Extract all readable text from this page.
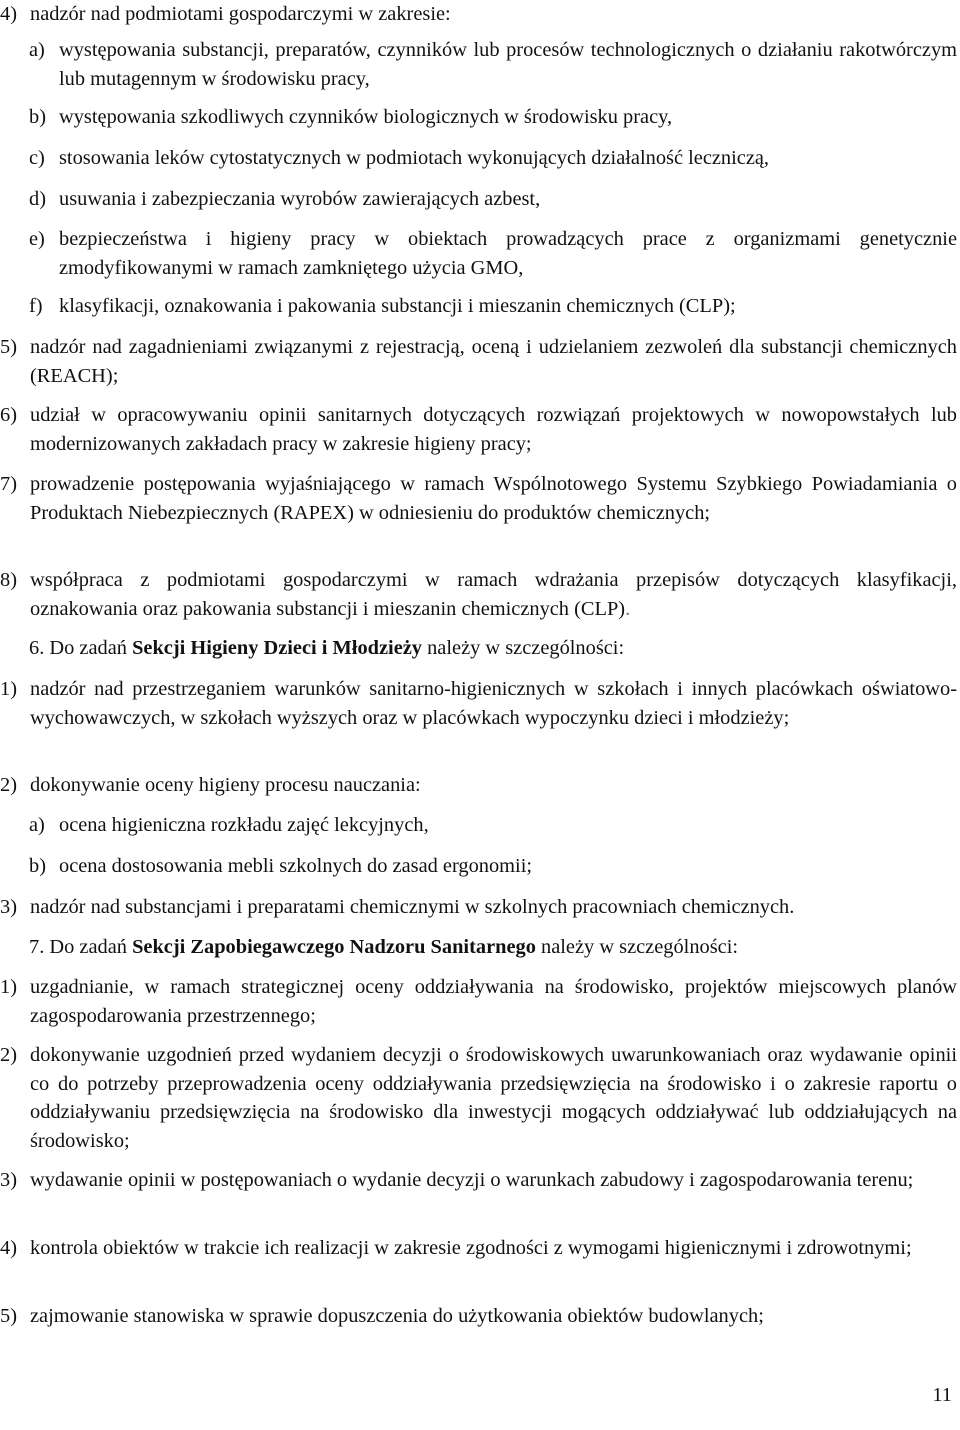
4) nadzór nad podmiotami gospodarczymi w zakresie:
a) występowania substancji, preparatów, czynników lub procesów technologicznych o działaniu rakotwórczym lub mutagennym w środowisku pracy,
b) występowania szkodliwych czynników biologicznych w środowisku pracy,
c) stosowania leków cytostatycznych w podmiotach wykonujących działalność leczniczą,
d) usuwania i zabezpieczania wyrobów zawierających azbest,
e) bezpieczeństwa i higieny pracy w obiektach prowadzących prace z organizmami genetycznie zmodyfikowanymi w ramach zamkniętego użycia GMO,
f) klasyfikacji, oznakowania i pakowania substancji i mieszanin chemicznych (CLP);
5) nadzór nad zagadnieniami związanymi z rejestracją, oceną i udzielaniem zezwoleń dla substancji chemicznych (REACH);
6) udział w opracowywaniu opinii sanitarnych dotyczących rozwiązań projektowych w nowopowstałych lub modernizowanych zakładach pracy w zakresie higieny pracy;
7) prowadzenie postępowania wyjaśniającego w ramach Wspólnotowego Systemu Szybkiego Powiadamiania o Produktach Niebezpiecznych (RAPEX) w odniesieniu do produktów chemicznych;
8) współpraca z podmiotami gospodarczymi w ramach wdrażania przepisów dotyczących klasyfikacji, oznakowania oraz pakowania substancji i mieszanin chemicznych (CLP).
6. Do zadań Sekcji Higieny Dzieci i Młodzieży należy w szczególności:
1) nadzór nad przestrzeganiem warunków sanitarno-higienicznych w szkołach i innych placówkach oświatowo-wychowawczych, w szkołach wyższych oraz w placówkach wypoczynku dzieci i młodzieży;
2) dokonywanie oceny higieny procesu nauczania:
a) ocena higieniczna rozkładu zajęć lekcyjnych,
b) ocena dostosowania mebli szkolnych do zasad ergonomii;
3) nadzór nad substancjami i preparatami chemicznymi w szkolnych pracowniach chemicznych.
7. Do zadań Sekcji Zapobiegawczego Nadzoru Sanitarnego należy w szczególności:
1) uzgadnianie, w ramach strategicznej oceny oddziaływania na środowisko, projektów miejscowych planów zagospodarowania przestrzennego;
2) dokonywanie uzgodnień przed wydaniem decyzji o środowiskowych uwarunkowaniach oraz wydawanie opinii co do potrzeby przeprowadzenia oceny oddziaływania przedsięwzięcia na środowisko i o zakresie raportu o oddziaływaniu przedsięwzięcia na środowisko dla inwestycji mogących oddziaływać lub oddziałujących na środowisko;
3) wydawanie opinii w postępowaniach o wydanie decyzji o warunkach zabudowy i zagospodarowania terenu;
4) kontrola obiektów w trakcie ich realizacji w zakresie zgodności z wymogami higienicznymi i zdrowotnymi;
5) zajmowanie stanowiska w sprawie dopuszczenia do użytkowania obiektów budowlanych;
11
